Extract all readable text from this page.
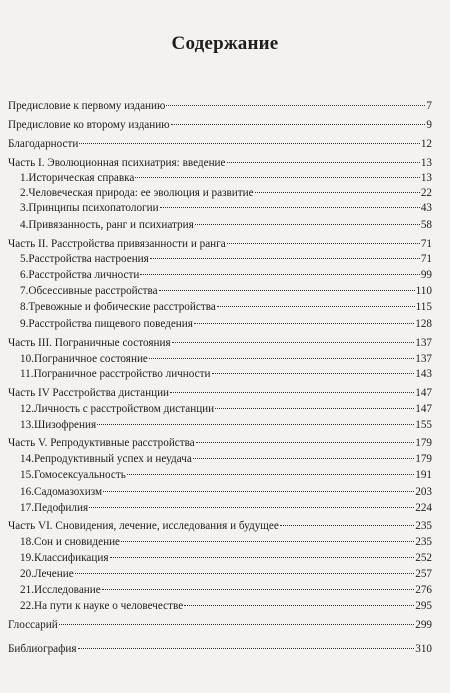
Содержание
Предисловие к первому изданию	7
Предисловие ко второму изданию	9
Благодарности	12
Часть I. Эволюционная психиатрия: введение	13
1.Историческая справка	13
2.Человеческая природа: ее эволюция и развитие	22
3.Принципы психопатологии	43
4.Привязанность, ранг и психиатрия	58
Часть II. Расстройства привязанности и ранга	71
5.Расстройства настроения	71
6.Расстройства личности	99
7.Обсессивные расстройства	110
8.Тревожные и фобические расстройства	115
9.Расстройства пищевого поведения	128
Часть III. Пограничные состояния	137
10.Пограничное состояние	137
11.Пограничное расстройство личности	143
Часть IV Расстройства дистанции	147
12.Личность с расстройством дистанции	147
13.Шизофрения	155
Часть V. Репродуктивные расстройства	179
14.Репродуктивный успех и неудача	179
15.Гомосексуальность	191
16.Садомазохизм	203
17.Педофилия	224
Часть VI. Сновидения, лечение, исследования и будущее	235
18.Сон и сновидение	235
19.Классификация	252
20.Лечение	257
21.Исследование	276
22.На пути к науке о человечестве	295
Глоссарий	299
Библиография	310
